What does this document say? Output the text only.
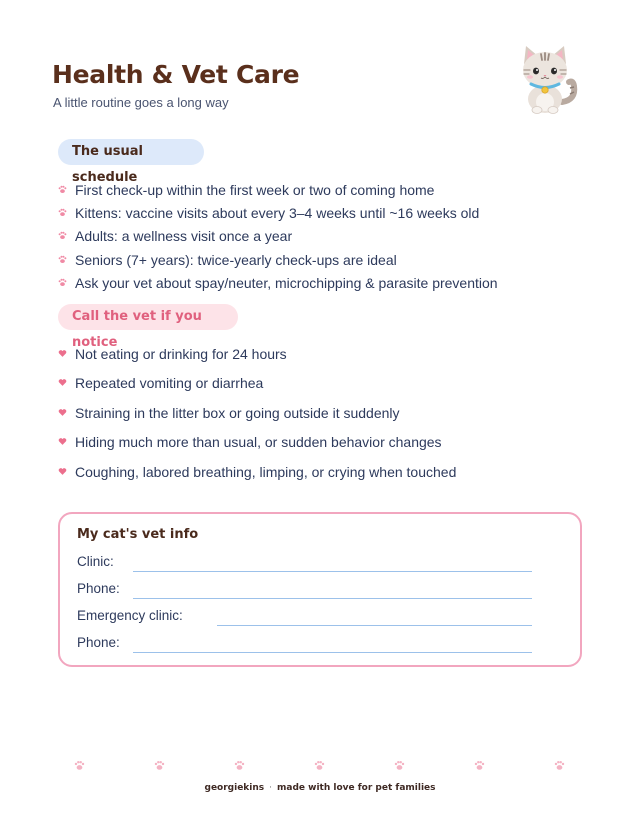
Health & Vet Care
A little routine goes a long way
The usual schedule
First check-up within the first week or two of coming home
Kittens: vaccine visits about every 3–4 weeks until ~16 weeks old
Adults: a wellness visit once a year
Seniors (7+ years): twice-yearly check-ups are ideal
Ask your vet about spay/neuter, microchipping & parasite prevention
Call the vet if you notice
Not eating or drinking for 24 hours
Repeated vomiting or diarrhea
Straining in the litter box or going outside it suddenly
Hiding much more than usual, or sudden behavior changes
Coughing, labored breathing, limping, or crying when touched
My cat's vet info
Clinic:
Phone:
Emergency clinic:
Phone:
georgiekins · made with love for pet families
